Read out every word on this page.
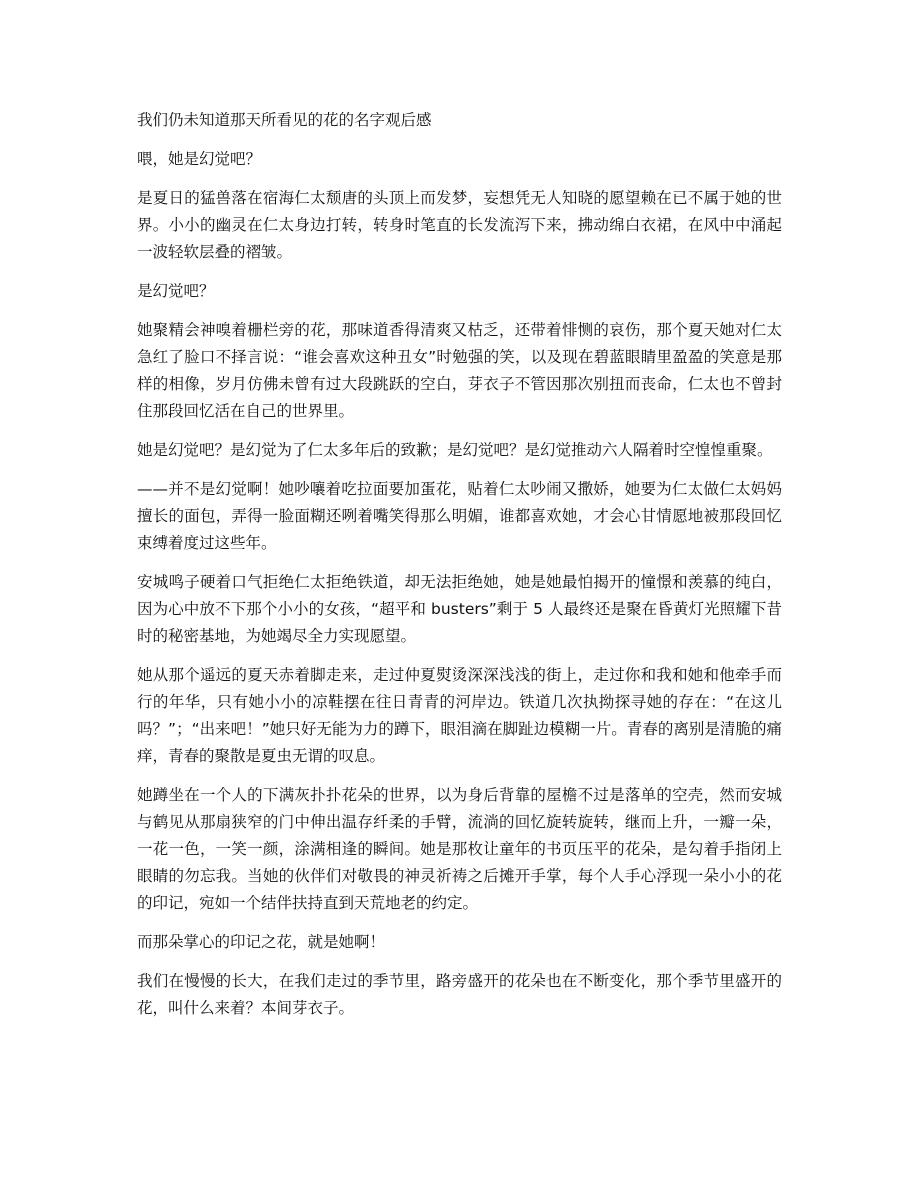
我们仍未知道那天所看见的花的名字观后感

喂，她是幻觉吧？

是夏日的猛兽落在宿海仁太颓唐的头顶上而发梦，妄想凭无人知晓的愿望赖在已不属于她的世界。小小的幽灵在仁太身边打转，转身时笔直的长发流泻下来，拂动绵白衣裙，在风中中涌起一波轻软层叠的褶皱。

是幻觉吧？

她聚精会神嗅着栅栏旁的花，那味道香得清爽又枯乏，还带着悱恻的哀伤，那个夏天她对仁太急红了脸口不择言说：“谁会喜欢这种丑女”时勉强的笑，以及现在碧蓝眼睛里盈盈的笑意是那样的相像，岁月仿佛未曾有过大段跳跃的空白，芽衣子不管因那次别扭而丧命，仁太也不曾封住那段回忆活在自己的世界里。

她是幻觉吧？是幻觉为了仁太多年后的致歉；是幻觉吧？是幻觉推动六人隔着时空惶惶重聚。

——并不是幻觉啊！她吵嚷着吃拉面要加蛋花，贴着仁太吵闹又撒娇，她要为仁太做仁太妈妈擅长的面包，弄得一脸面糊还咧着嘴笑得那么明媚，谁都喜欢她，才会心甘情愿地被那段回忆束缚着度过这些年。

安城鸣子硬着口气拒绝仁太拒绝铁道，却无法拒绝她，她是她最怕揭开的憧憬和羡慕的纯白，因为心中放不下那个小小的女孩，“超平和 busters”剩于 5 人最终还是聚在昏黄灯光照耀下昔时的秘密基地，为她竭尽全力实现愿望。

她从那个遥远的夏天赤着脚走来，走过仲夏熨烫深深浅浅的街上，走过你和我和她和他牵手而行的年华，只有她小小的凉鞋摆在往日青青的河岸边。铁道几次执拗探寻她的存在：“在这儿吗？”；“出来吧！”她只好无能为力的蹲下，眼泪滴在脚趾边模糊一片。青春的离别是清脆的痛痒，青春的聚散是夏虫无谓的叹息。

她蹲坐在一个人的下满灰扑扑花朵的世界，以为身后背靠的屋檐不过是落单的空壳，然而安城与鹤见从那扇狭窄的门中伸出温存纤柔的手臂，流淌的回忆旋转旋转，继而上升，一瓣一朵，一花一色，一笑一颜，涂满相逢的瞬间。她是那枚让童年的书页压平的花朵，是勾着手指闭上眼睛的勿忘我。当她的伙伴们对敬畏的神灵祈祷之后摊开手掌，每个人手心浮现一朵小小的花的印记，宛如一个结伴扶持直到天荒地老的约定。

而那朵掌心的印记之花，就是她啊！

我们在慢慢的长大，在我们走过的季节里，路旁盛开的花朵也在不断变化，那个季节里盛开的花，叫什么来着？本间芽衣子。
